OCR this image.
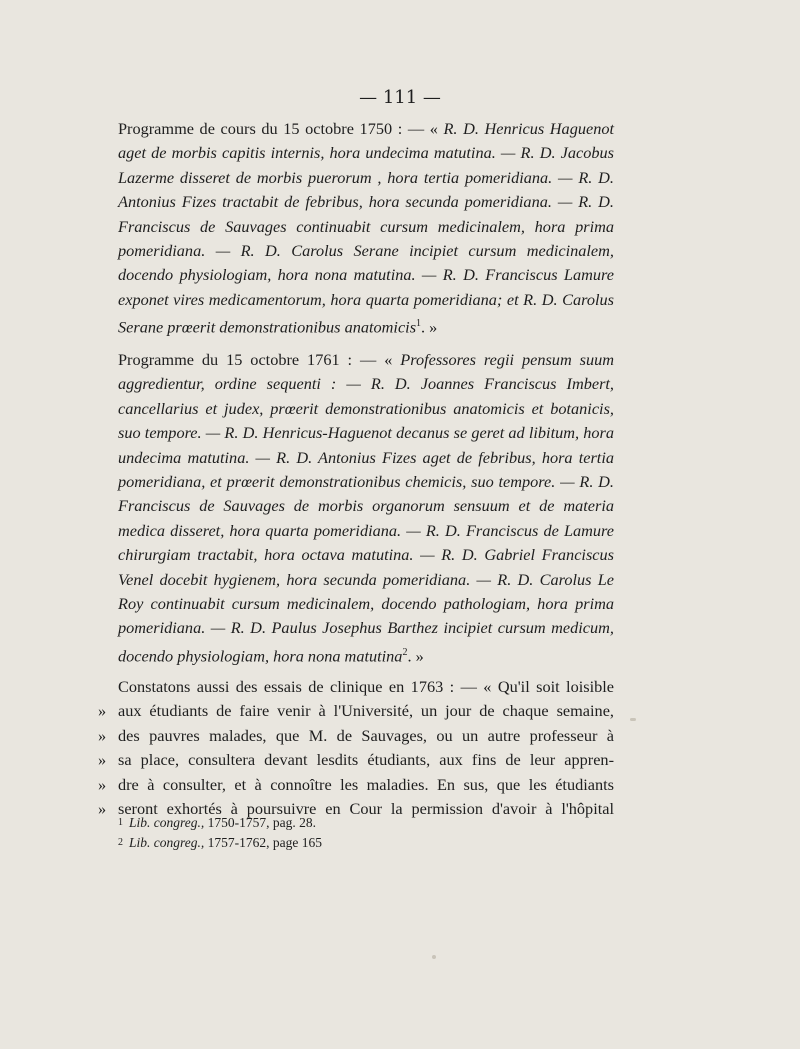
— 111 —

Programme de cours du 15 octobre 1750 : — « R. D. Henricus Haguenot aget de morbis capitis internis, hora undecima matutina. — R. D. Jacobus Lazerme disseret de morbis puerorum , hora tertia pomeridiana. — R. D. Antonius Fizes tractabit de febribus, hora secunda pomeridiana. — R. D. Franciscus de Sauvages continuabit cursum medicinalem, hora prima pomeridiana. — R. D. Carolus Serane incipiet cursum medicinalem, docendo physiologiam, hora nona matutina. — R. D. Franciscus Lamure exponet vires medicamentorum, hora quarta pomeridiana; et R. D. Carolus Serane prœerit demonstrationibus anatomicis$^1$. »

Programme du 15 octobre 1761 : — « Professores regii pensum suum aggredientur, ordine sequenti : — R. D. Joannes Franciscus Imbert, cancellarius et judex, prœerit demonstrationibus anatomicis et botanicis, suo tempore. — R. D. Henricus-Haguenot decanus se geret ad libitum, hora undecima matutina. — R. D. Antonius Fizes aget de febribus, hora tertia pomeridiana, et prœerit demonstrationibus chemicis, suo tempore. — R. D. Franciscus de Sauvages de morbis organorum sensuum et de materia medica disseret, hora quarta pomeridiana. — R. D. Franciscus de Lamure chirurgiam tractabit, hora octava matutina. — R. D. Gabriel Franciscus Venel docebit hygienem, hora secunda pomeridiana. — R. D. Carolus Le Roy continuabit cursum medicinalem, docendo pathologiam, hora prima pomeridiana. — R. D. Paulus Josephus Barthez incipiet cursum medicum, docendo physiologiam, hora nona matutina$^2$. »

Constatons aussi des essais de clinique en 1763 : — « Qu'il soit loisible

» aux étudiants de faire venir à l'Université, un jour de chaque semaine,
» des pauvres malades, que M. de Sauvages, ou un autre professeur à
» sa place, consultera devant lesdits étudiants, aux fins de leur appren-
» dre à consulter, et à connoître les maladies. En sus, que les étudiants
» seront exhortés à poursuivre en Cour la permission d'avoir à l'hôpital
$^1$ Lib. congreg., 1750-1757, pag. 28.
$^2$ Lib. congreg., 1757-1762, page 165
